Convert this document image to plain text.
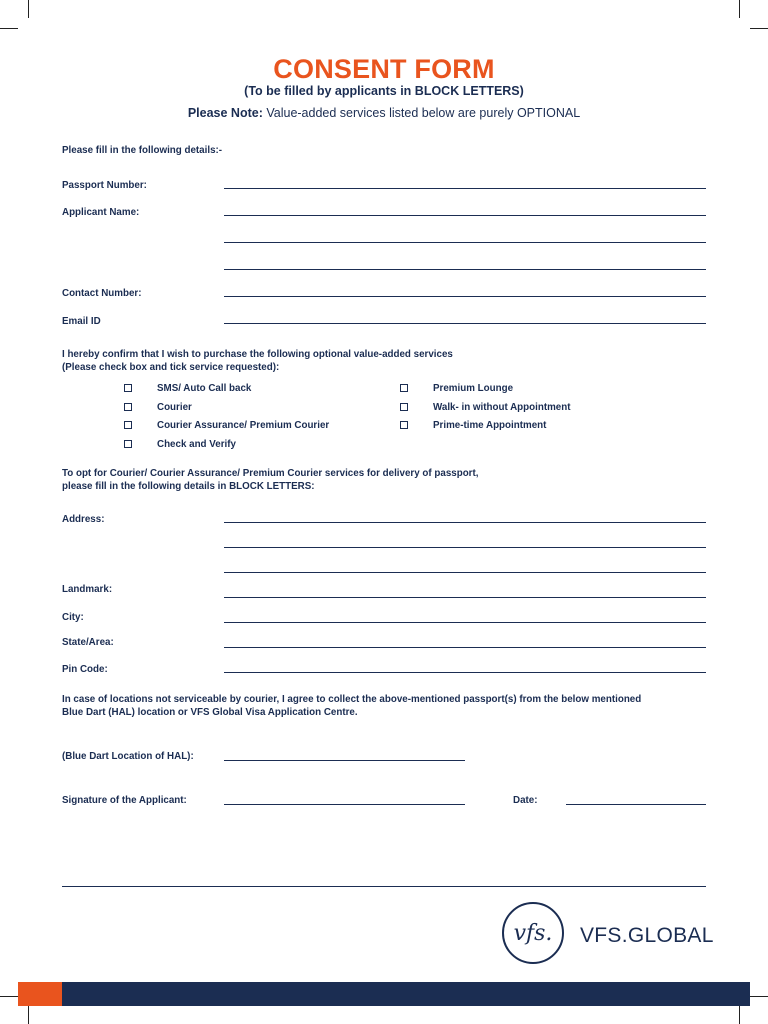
CONSENT FORM
(To be filled by applicants in BLOCK LETTERS)
Please Note: Value-added services listed below are purely OPTIONAL
Please fill in the following details:-
Passport Number:
Applicant Name:
Contact Number:
Email ID
I hereby confirm that I wish to purchase the following optional value-added services
(Please check box and tick service requested):
SMS/ Auto Call back
Courier
Courier Assurance/ Premium Courier
Check and Verify
Premium Lounge
Walk- in without Appointment
Prime-time Appointment
To opt for Courier/ Courier Assurance/ Premium Courier services for delivery of passport,
please fill in the following details in BLOCK LETTERS:
Address:
Landmark:
City:
State/Area:
Pin Code:
In case of locations not serviceable by courier, I agree to collect the above-mentioned passport(s) from the below mentioned
Blue Dart (HAL) location or VFS Global Visa Application Centre.
(Blue Dart Location of HAL):
Signature of the Applicant:	Date:
vfs. VFS.GLOBAL
